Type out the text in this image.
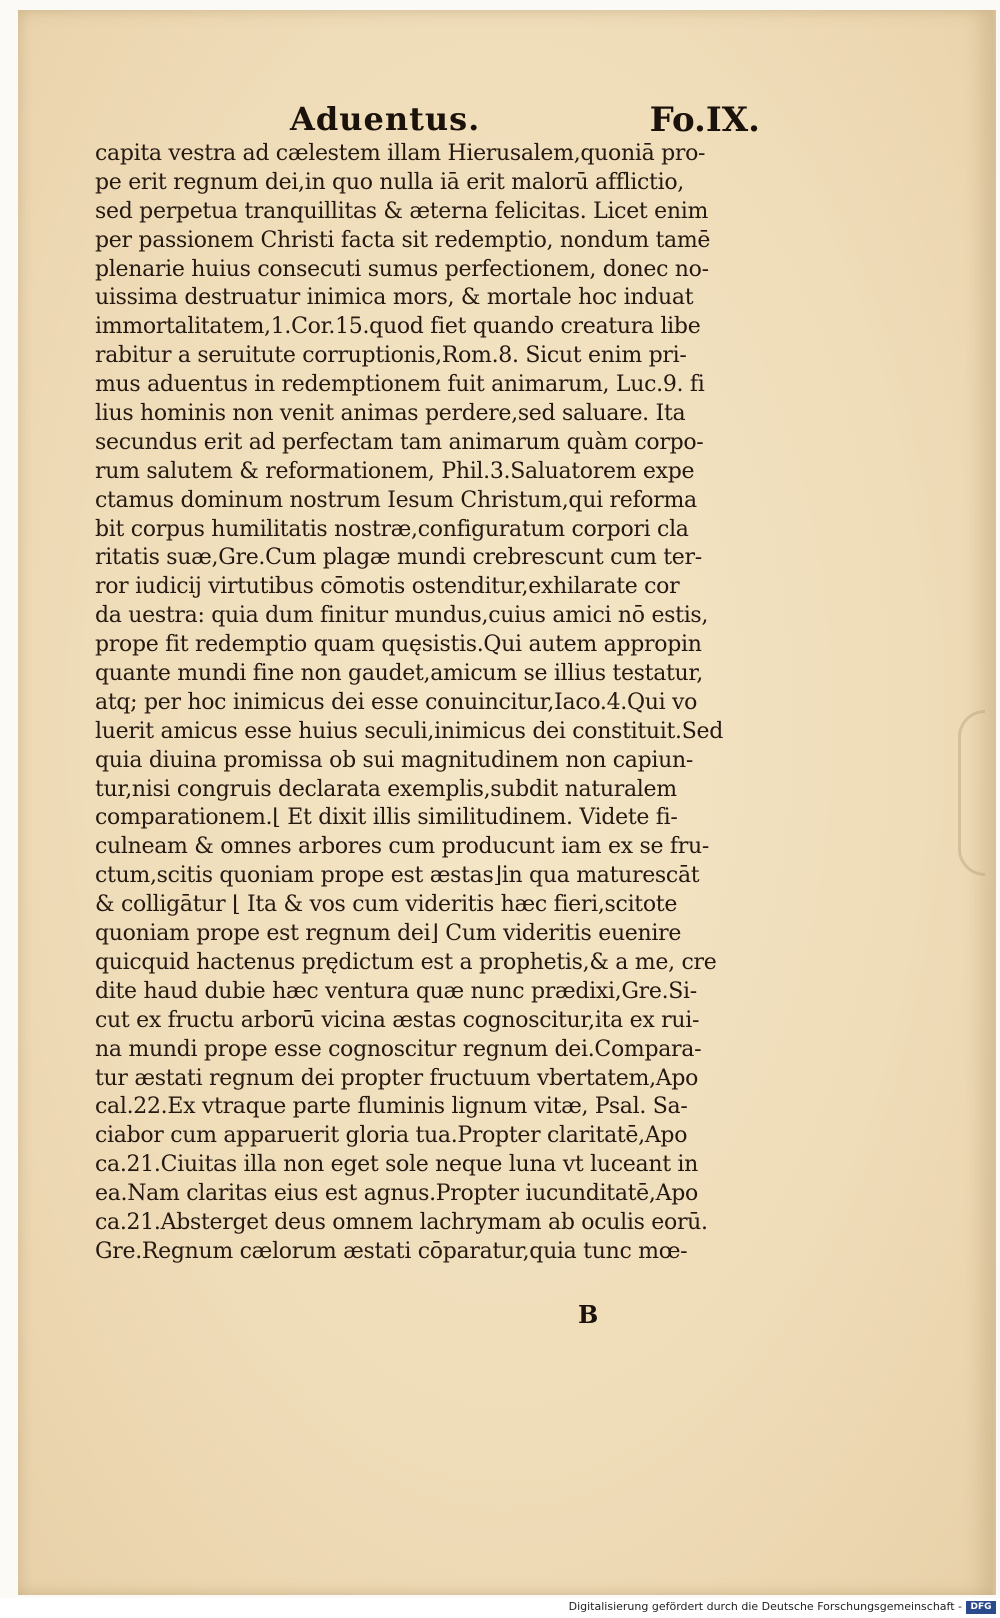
Aduentus.	Fo.IX.
capita vestra ad cælestem illam Hierusalem,quoniā pro-
pe erit regnum dei,in quo nulla iā erit malorū afflictio,
sed perpetua tranquillitas & æterna felicitas. Licet enim
per passionem Christi facta sit redemptio, nondum tamē
plenarie huius consecuti sumus perfectionem, donec no-
uissima destruatur inimica mors, & mortale hoc induat
immortalitatem,1.Cor.15.quod fiet quando creatura libe
rabitur a seruitute corruptionis,Rom.8. Sicut enim pri-
mus aduentus in redemptionem fuit animarum, Luc.9. fi
lius hominis non venit animas perdere,sed saluare. Ita
secundus erit ad perfectam tam animarum quàm corpo-
rum salutem & reformationem, Phil.3.Saluatorem expe
ctamus dominum nostrum Iesum Christum,qui reforma
bit corpus humilitatis nostræ,configuratum corpori cla
ritatis suæ,Gre.Cum plagæ mundi crebrescunt cum ter-
ror iudicij virtutibus cōmotis ostenditur,exhilarate cor
da uestra: quia dum finitur mundus,cuius amici nō estis,
prope fit redemptio quam quęsistis.Qui autem appropin
quante mundi fine non gaudet,amicum se illius testatur,
atq; per hoc inimicus dei esse conuincitur,Iaco.4.Qui vo
luerit amicus esse huius seculi,inimicus dei constituit.Sed
quia diuina promissa ob sui magnitudinem non capiun-
tur,nisi congruis declarata exemplis,subdit naturalem
comparationem.⌊ Et dixit illis similitudinem. Videte fi-
culneam & omnes arbores cum producunt iam ex se fru-
ctum,scitis quoniam prope est æstas⌋in qua maturescāt
& colligātur ⌊ Ita & vos cum videritis hæc fieri,scitote
quoniam prope est regnum dei⌋ Cum videritis euenire
quicquid hactenus prędictum est a prophetis,& a me, cre
dite haud dubie hæc ventura quæ nunc prædixi,Gre.Si-
cut ex fructu arborū vicina æstas cognoscitur,ita ex rui-
na mundi prope esse cognoscitur regnum dei.Compara-
tur æstati regnum dei propter fructuum vbertatem,Apo
cal.22.Ex vtraque parte fluminis lignum vitæ, Psal. Sa-
ciabor cum apparuerit gloria tua.Propter claritatē,Apo
ca.21.Ciuitas illa non eget sole neque luna vt luceant in
ea.Nam claritas eius est agnus.Propter iucunditatē,Apo
ca.21.Absterget deus omnem lachrymam ab oculis eorū.
Gre.Regnum cælorum æstati cōparatur,quia tunc mœ-
B
Digitalisierung gefördert durch die Deutsche Forschungsgemeinschaft - DFG
